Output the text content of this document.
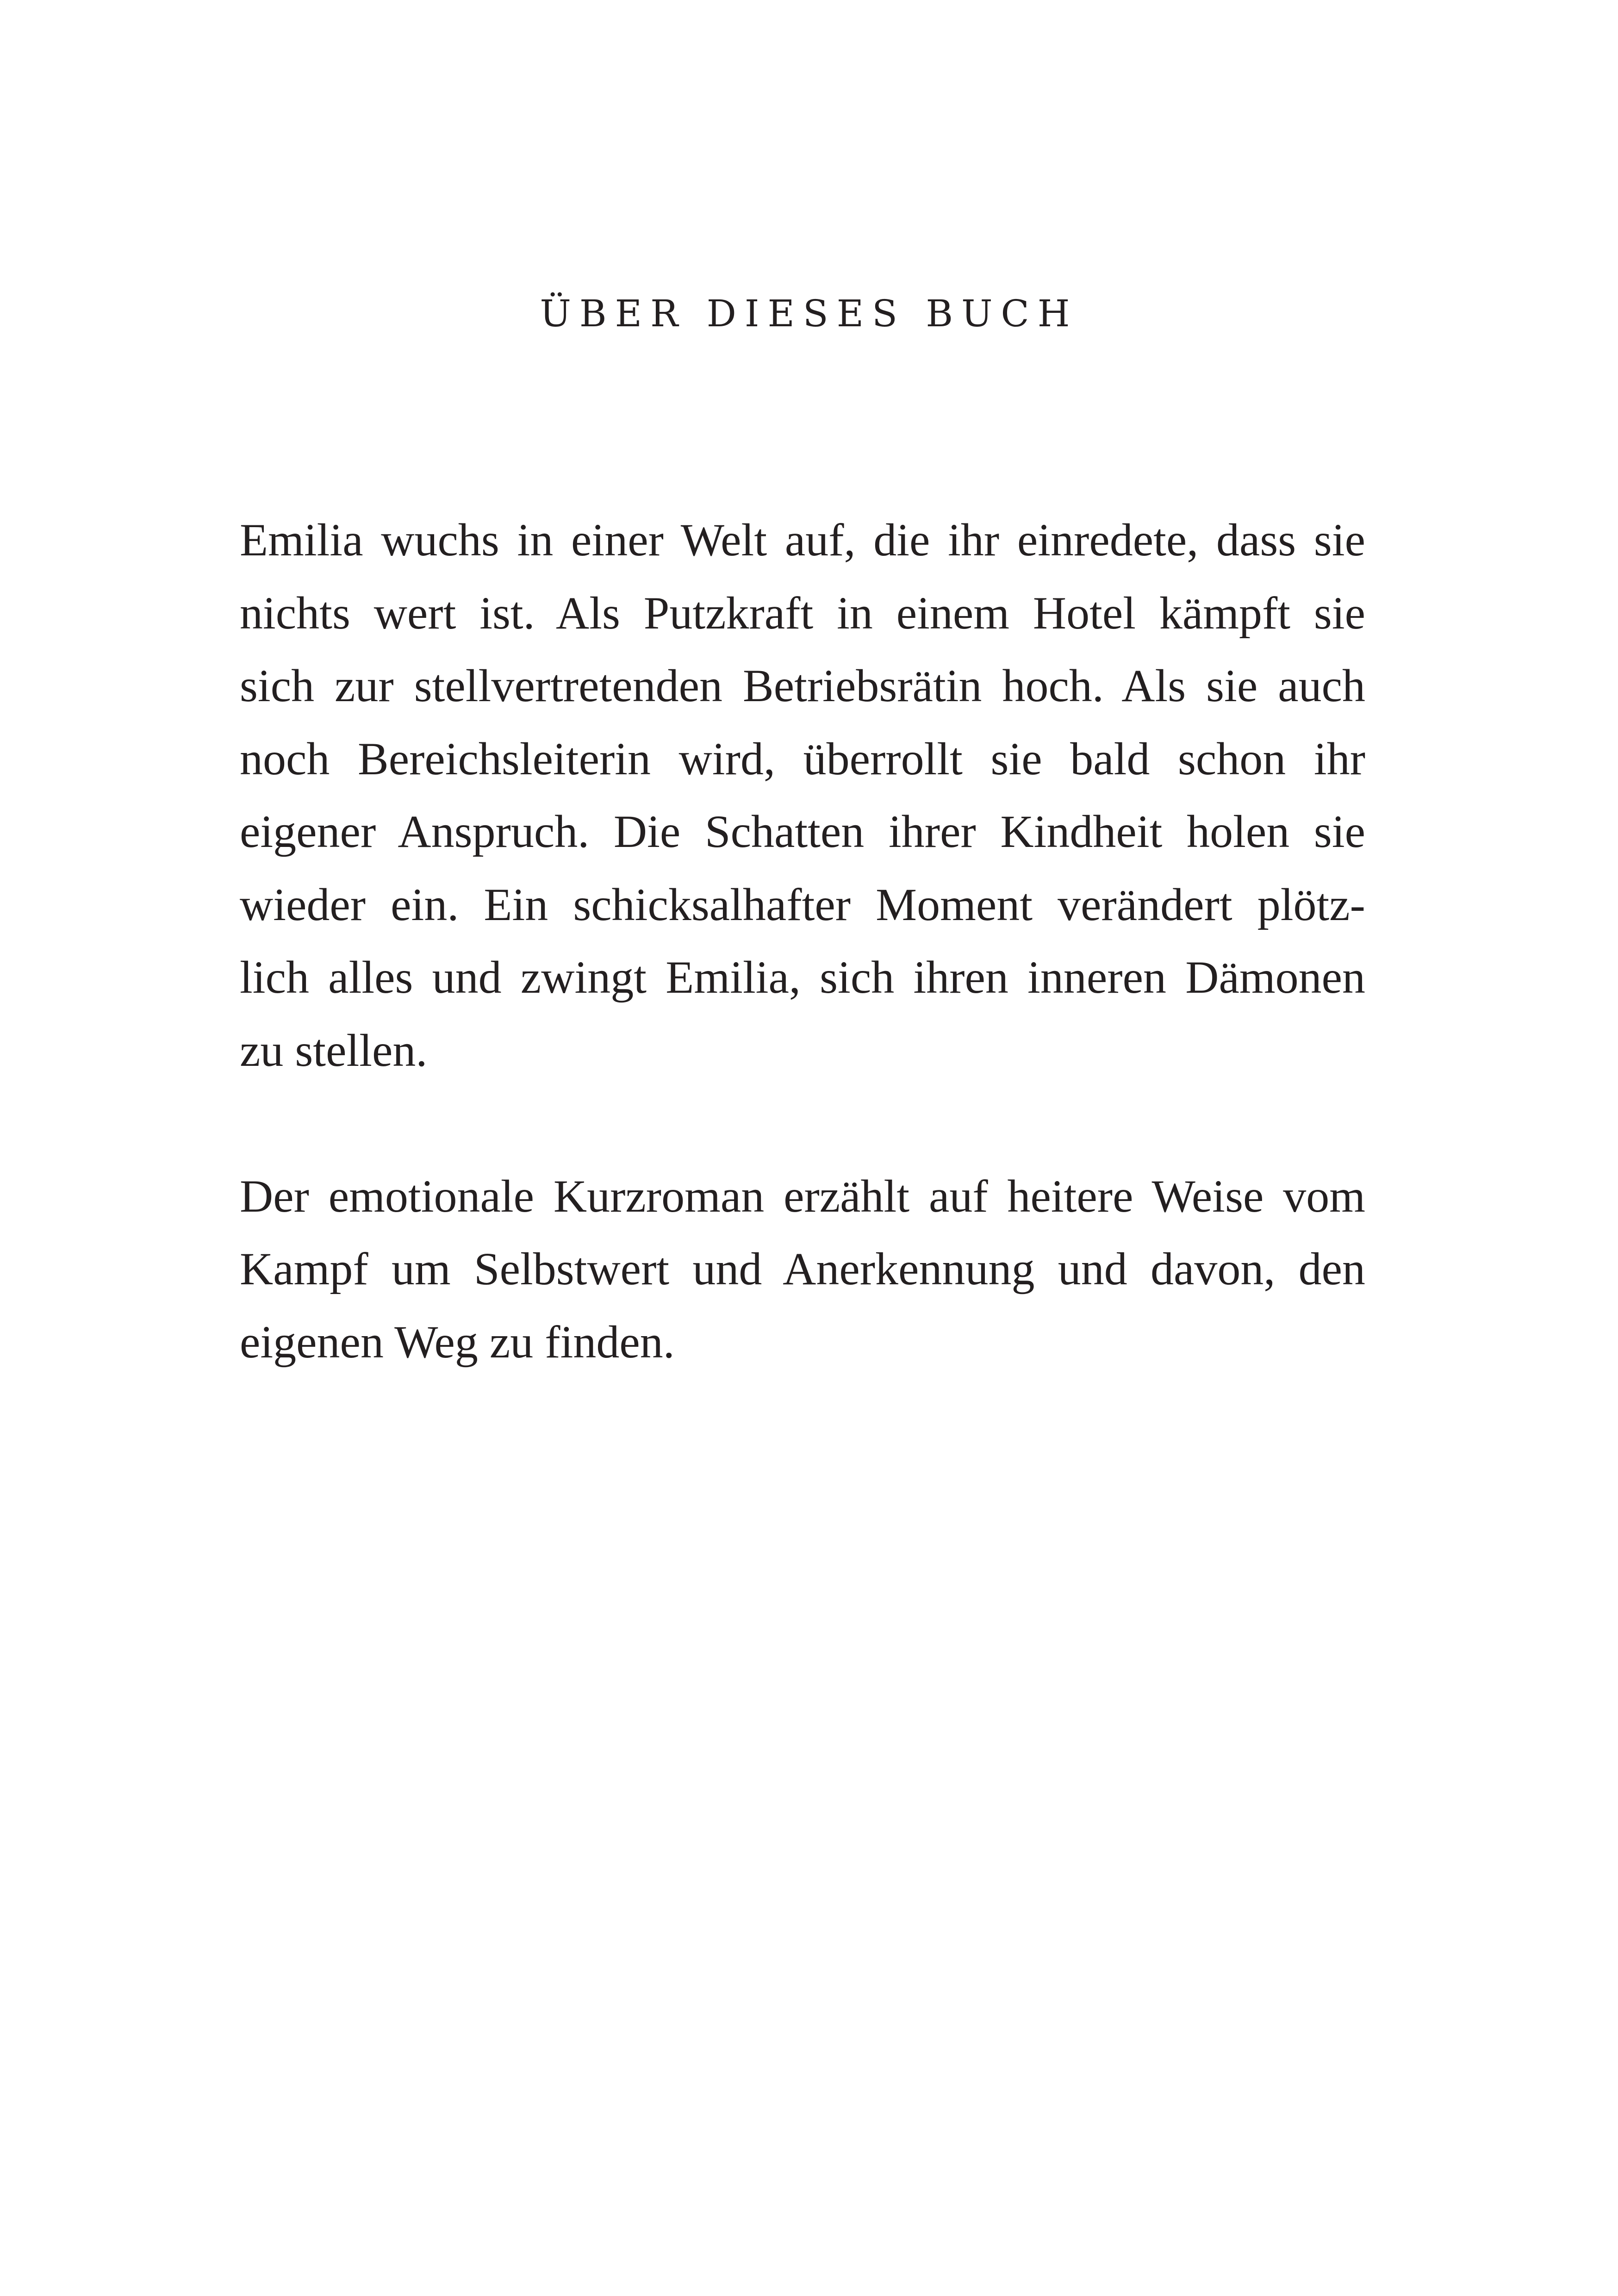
ÜBER DIESES BUCH

Emilia wuchs in einer Welt auf, die ihr einredete, dass sie
nichts wert ist. Als Putzkraft in einem Hotel kämpft sie
sich zur stellvertretenden Betriebsrätin hoch. Als sie auch
noch Bereichsleiterin wird, überrollt sie bald schon ihr
eigener Anspruch. Die Schatten ihrer Kindheit holen sie
wieder ein. Ein schicksalhafter Moment verändert plötz-
lich alles und zwingt Emilia, sich ihren inneren Dämonen
zu stellen.

Der emotionale Kurzroman erzählt auf heitere Weise vom
Kampf um Selbstwert und Anerkennung und davon, den
eigenen Weg zu finden.
